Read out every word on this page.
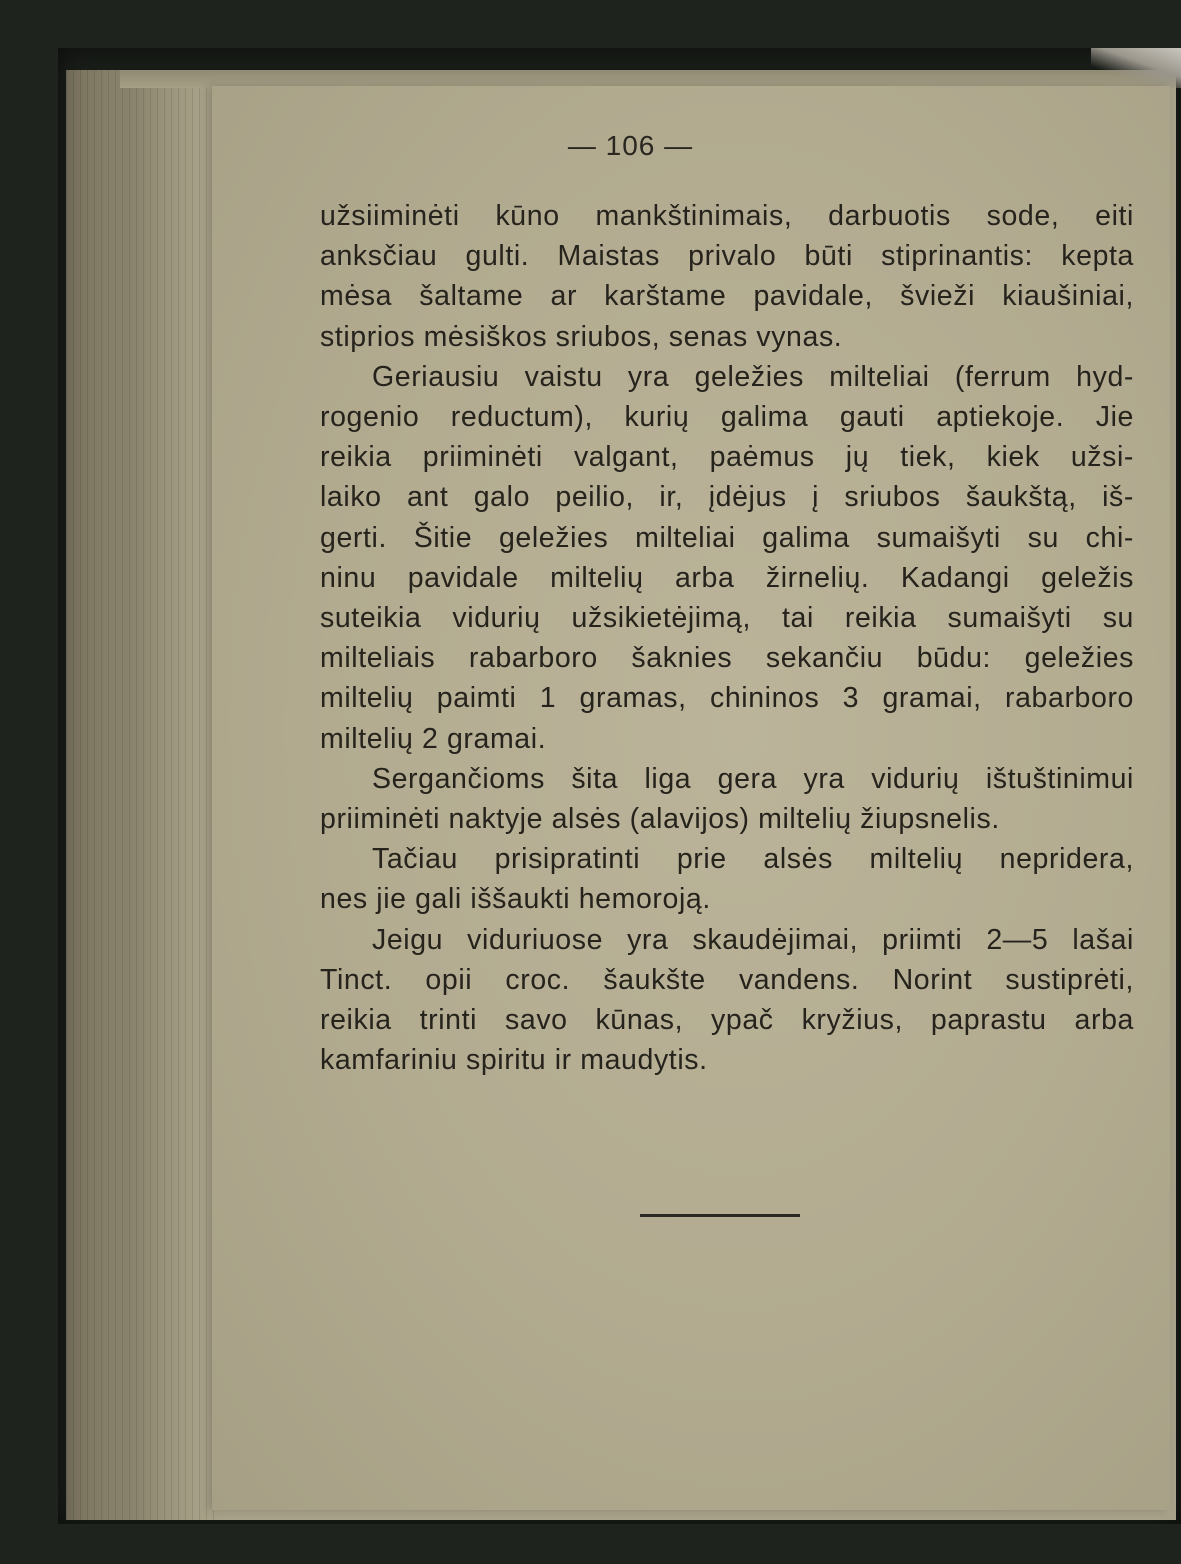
— 106 —

užsiiminėti kūno mankštinimais, darbuotis sode, eiti
anksčiau gulti. Maistas privalo būti stiprinantis: kepta
mėsa šaltame ar karštame pavidale, švieži kiaušiniai,
stiprios mėsiškos sriubos, senas vynas.

Geriausiu vaistu yra geležies milteliai (ferrum hyd-
rogenio reductum), kurių galima gauti aptiekoje. Jie
reikia priiminėti valgant, paėmus jų tiek, kiek užsi-
laiko ant galo peilio, ir, įdėjus į sriubos šaukštą, iš-
gerti. Šitie geležies milteliai galima sumaišyti su chi-
ninu pavidale miltelių arba žirnelių. Kadangi geležis
suteikia vidurių užsikietėjimą, tai reikia sumaišyti su
milteliais rabarboro šaknies sekančiu būdu: geležies
miltelių paimti 1 gramas, chininos 3 gramai, rabarboro
miltelių 2 gramai.

Sergančioms šita liga gera yra vidurių ištuštinimui
priiminėti naktyje alsės (alavijos) miltelių žiupsnelis.

Tačiau prisipratinti prie alsės miltelių nepridera,
nes jie gali iššaukti hemoroją.

Jeigu viduriuose yra skaudėjimai, priimti 2—5 lašai
Tinct. opii croc. šaukšte vandens. Norint sustiprėti,
reikia trinti savo kūnas, ypač kryžius, paprastu arba
kamfariniu spiritu ir maudytis.
